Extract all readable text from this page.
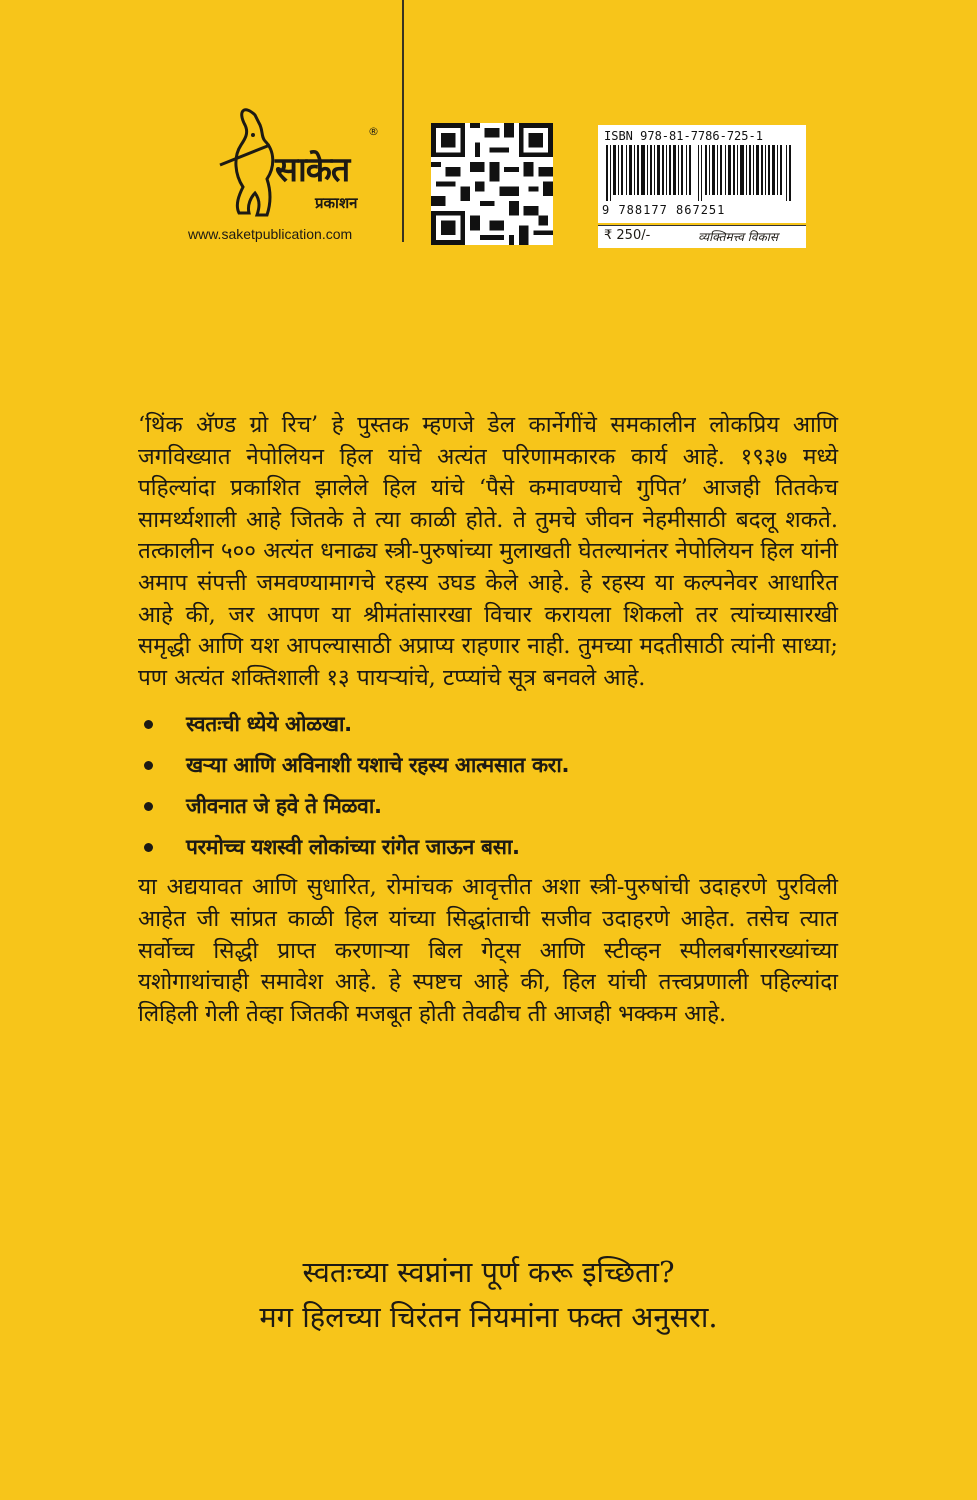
साकेत
®
प्रकाशन
www.saketpublication.com
ISBN 978-81-7786-725-1
9 788177 867251
₹ 250/-	व्यक्तिमत्त्व विकास

‘थिंक अ‍ॅण्ड ग्रो रिच’ हे पुस्तक म्हणजे डेल कार्नेगींचे समकालीन लोकप्रिय आणि जगविख्यात नेपोलियन हिल यांचे अत्यंत परिणामकारक कार्य आहे. १९३७ मध्ये पहिल्यांदा प्रकाशित झालेले हिल यांचे ‘पैसे कमावण्याचे गुपित’ आजही तितकेच सामर्थ्यशाली आहे जितके ते त्या काळी होते. ते तुमचे जीवन नेहमीसाठी बदलू शकते. तत्कालीन ५०० अत्यंत धनाढ्य स्त्री-पुरुषांच्या मुलाखती घेतल्यानंतर नेपोलियन हिल यांनी अमाप संपत्ती जमवण्यामागचे रहस्य उघड केले आहे. हे रहस्य या कल्पनेवर आधारित आहे की, जर आपण या श्रीमंतांसारखा विचार करायला शिकलो तर त्यांच्यासारखी समृद्धी आणि यश आपल्यासाठी अप्राप्य राहणार नाही. तुमच्या मदतीसाठी त्यांनी साध्या; पण अत्यंत शक्तिशाली १३ पायऱ्यांचे, टप्प्यांचे सूत्र बनवले आहे.

स्वतःची ध्येये ओळखा.
खऱ्या आणि अविनाशी यशाचे रहस्य आत्मसात करा.
जीवनात जे हवे ते मिळवा.
परमोच्च यशस्वी लोकांच्या रांगेत जाऊन बसा.

या अद्ययावत आणि सुधारित, रोमांचक आवृत्तीत अशा स्त्री-पुरुषांची उदाहरणे पुरविली आहेत जी सांप्रत काळी हिल यांच्या सिद्धांताची सजीव उदाहरणे आहेत. तसेच त्यात सर्वोच्च सिद्धी प्राप्त करणाऱ्या बिल गेट्स आणि स्टीव्हन स्पीलबर्गसारख्यांच्या यशोगाथांचाही समावेश आहे. हे स्पष्टच आहे की, हिल यांची तत्त्वप्रणाली पहिल्यांदा लिहिली गेली तेव्हा जितकी मजबूत होती तेवढीच ती आजही भक्कम आहे.

स्वतःच्या स्वप्नांना पूर्ण करू इच्छिता?
मग हिलच्या चिरंतन नियमांना फक्त अनुसरा.
